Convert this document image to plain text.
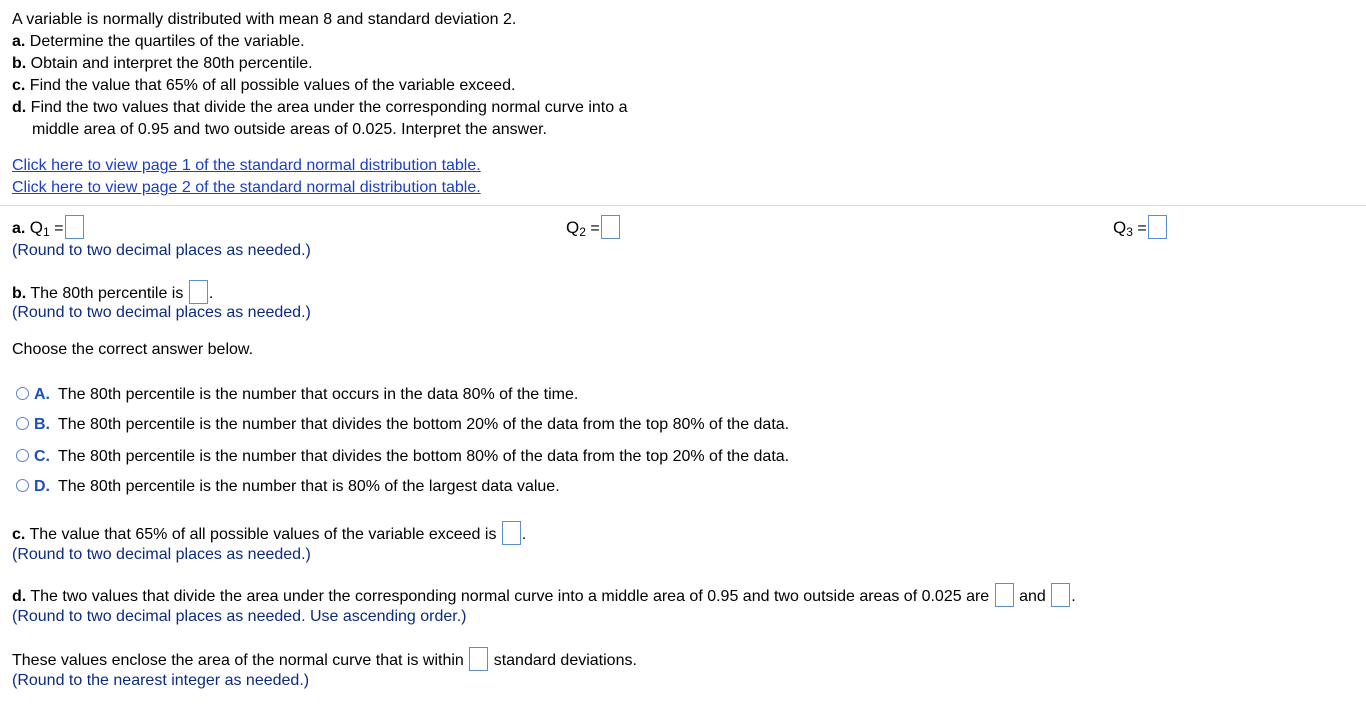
A variable is normally distributed with mean 8 and standard deviation 2.
a. Determine the quartiles of the variable.
b. Obtain and interpret the 80th percentile.
c. Find the value that 65% of all possible values of the variable exceed.
d. Find the two values that divide the area under the corresponding normal curve into a
middle area of 0.95 and two outside areas of 0.025. Interpret the answer.
Click here to view page 1 of the standard normal distribution table.
Click here to view page 2 of the standard normal distribution table.
a. $Q_1$ =	$Q_2$ =	$Q_3$ =
(Round to two decimal places as needed.)
b. The 80th percentile is .
(Round to two decimal places as needed.)
Choose the correct answer below.
A. The 80th percentile is the number that occurs in the data 80% of the time.
B. The 80th percentile is the number that divides the bottom 20% of the data from the top 80% of the data.
C. The 80th percentile is the number that divides the bottom 80% of the data from the top 20% of the data.
D. The 80th percentile is the number that is 80% of the largest data value.
c. The value that 65% of all possible values of the variable exceed is .
(Round to two decimal places as needed.)
d. The two values that divide the area under the corresponding normal curve into a middle area of 0.95 and two outside areas of 0.025 are and .
(Round to two decimal places as needed. Use ascending order.)
These values enclose the area of the normal curve that is within standard deviations.
(Round to the nearest integer as needed.)
